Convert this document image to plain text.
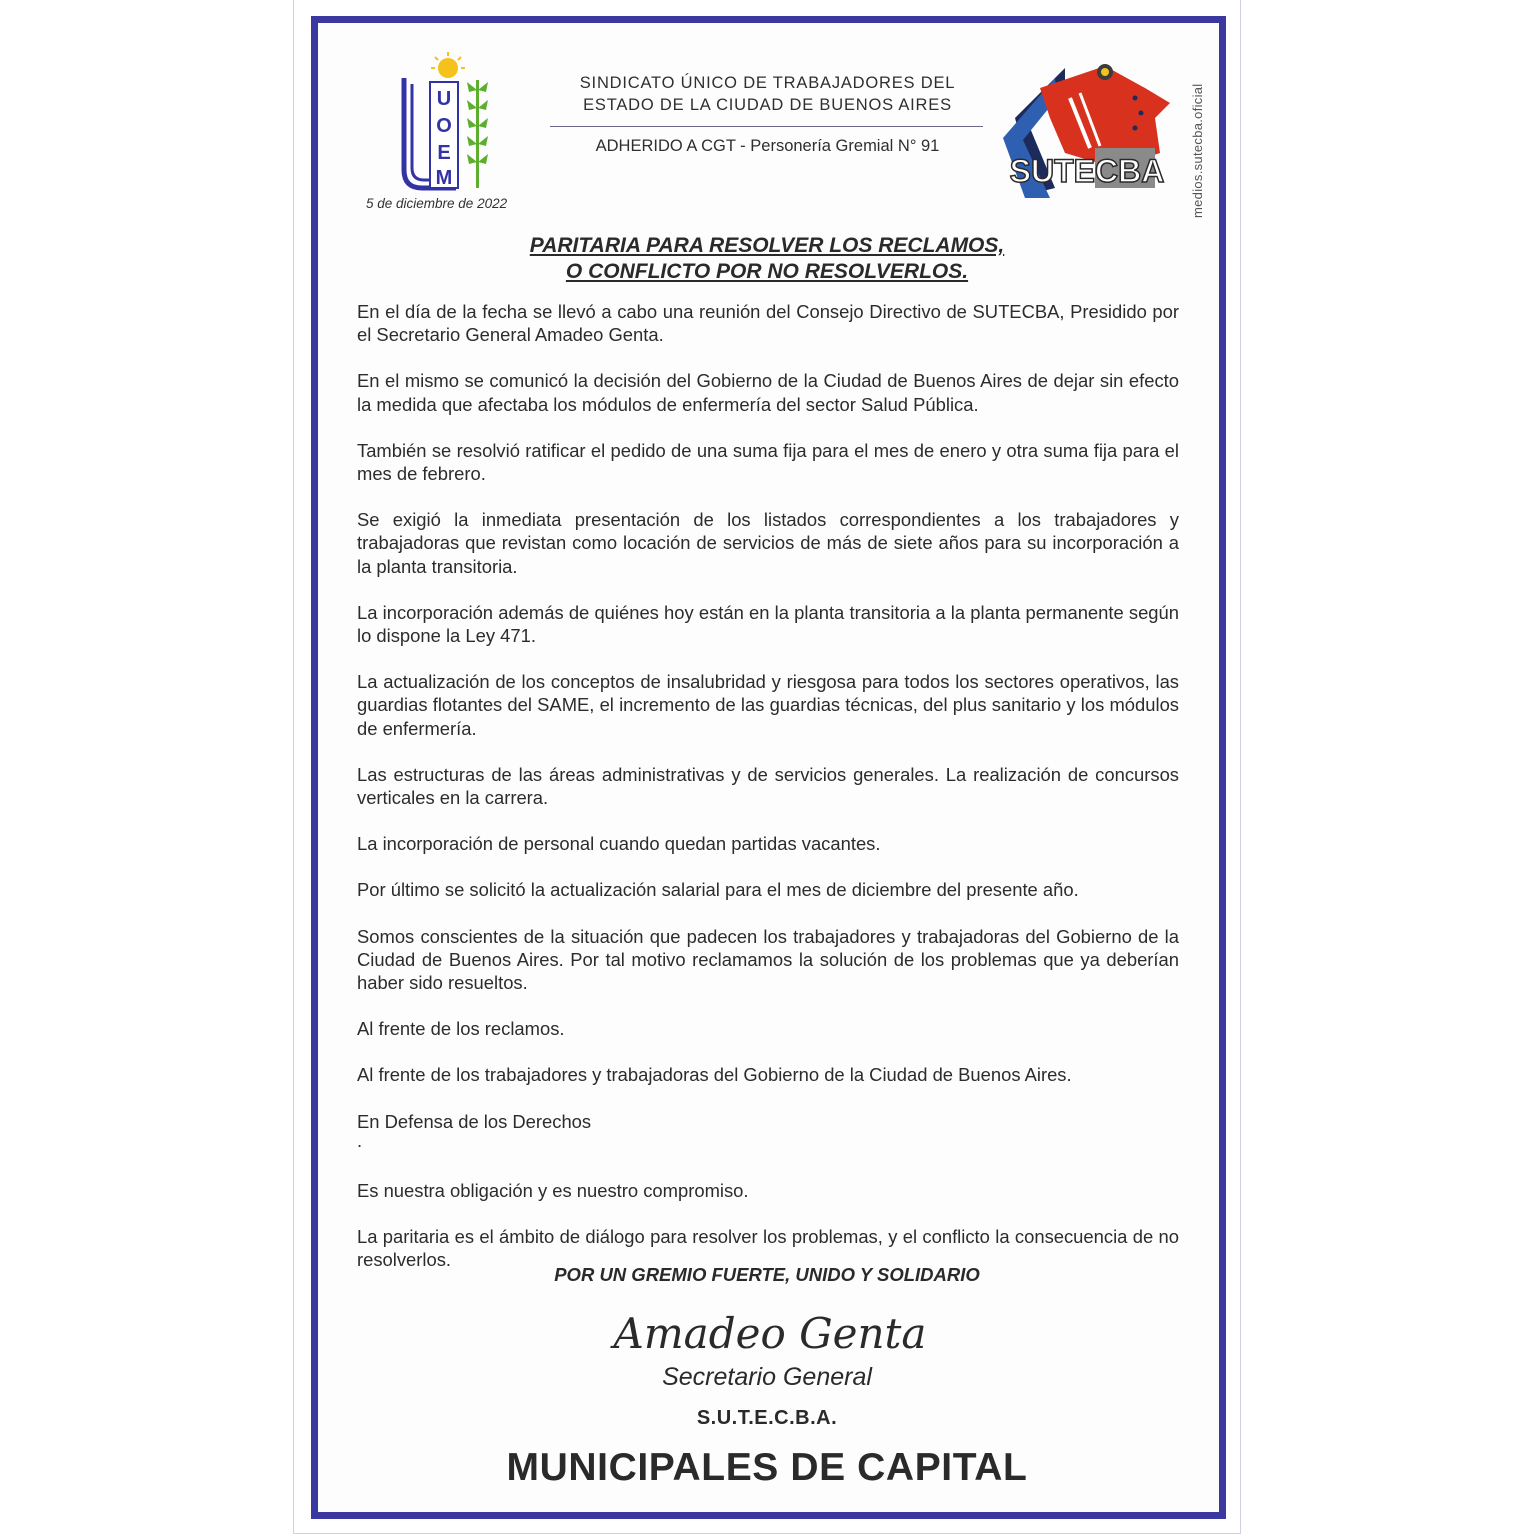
U
O
E
M
5 de diciembre de 2022
SINDICATO ÚNICO DE TRABAJADORES DEL
ESTADO DE LA CIUDAD DE BUENOS AIRES
ADHERIDO A CGT - Personería Gremial N° 91
SUTECBA medios.sutecba.oficial
PARITARIA PARA RESOLVER LOS RECLAMOS,
O CONFLICTO POR NO RESOLVERLOS.

En el día de la fecha se llevó a cabo una reunión del Consejo Directivo de SUTECBA, Presidido por el Secretario General Amadeo Genta.

En el mismo se comunicó la decisión del Gobierno de la Ciudad de Buenos Aires de dejar sin efecto la medida que afectaba los módulos de enfermería del sector Salud Pública.

También se resolvió ratificar el pedido de una suma fija para el mes de enero y otra suma fija para el mes de febrero.

Se exigió la inmediata presentación de los listados correspondientes a los trabajadores y trabajadoras que revistan como locación de servicios de más de siete años para su incorporación a la planta transitoria.

La incorporación además de quiénes hoy están en la planta transitoria a la planta permanente según lo dispone la Ley 471.

La actualización de los conceptos de insalubridad y riesgosa para todos los sectores operativos, las guardias flotantes del SAME, el incremento de las guardias técnicas, del plus sanitario y los módulos de enfermería.

Las estructuras de las áreas administrativas y de servicios generales. La realización de concursos verticales en la carrera.

La incorporación de personal cuando quedan partidas vacantes.

Por último se solicitó la actualización salarial para el mes de diciembre del presente año.

Somos conscientes de la situación que padecen los trabajadores y trabajadoras del Gobierno de la Ciudad de Buenos Aires. Por tal motivo reclamamos la solución de los problemas que ya deberían haber sido resueltos.

Al frente de los reclamos.

Al frente de los trabajadores y trabajadoras del Gobierno de la Ciudad de Buenos Aires.

En Defensa de los Derechos

.

Es nuestra obligación y es nuestro compromiso.

La paritaria es el ámbito de diálogo para resolver los problemas, y el conflicto la consecuencia de no resolverlos.

POR UN GREMIO FUERTE, UNIDO Y SOLIDARIO
Amadeo Genta
Secretario General
S.U.T.E.C.B.A.
MUNICIPALES DE CAPITAL
